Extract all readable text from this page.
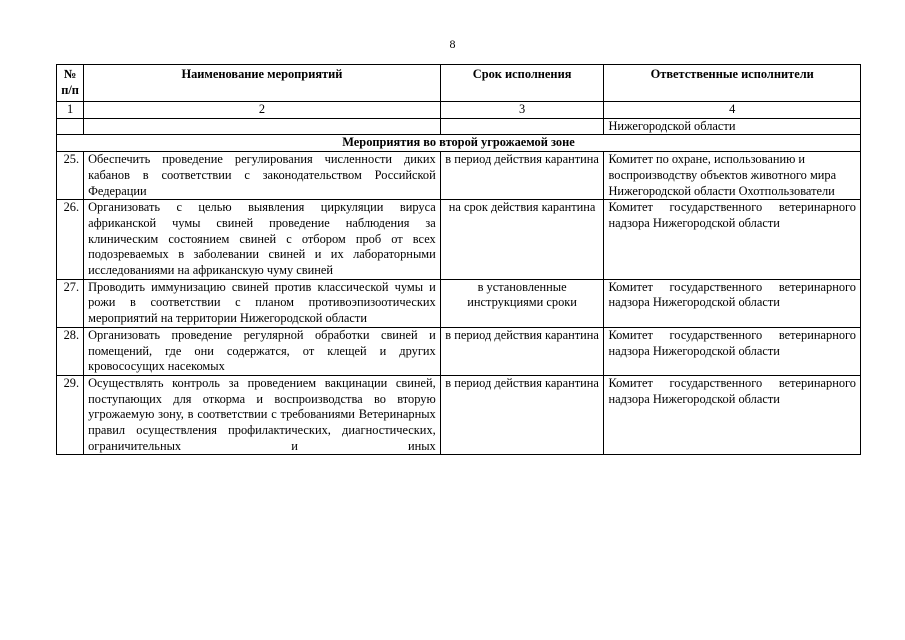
8
№ п/п	Наименование мероприятий	Срок исполнения	Ответственные исполнители
1	2	3	4
			Нижегородской области
Мероприятия во второй угрожаемой зоне			
25.	Обеспечить проведение регулирования численности диких кабанов в соответствии с законодательством Российской Федерации	в период действия карантина	Комитет по охране, использованию и воспроизводству объектов животного мира Нижегородской области Охотпользователи
26.	Организовать с целью выявления циркуляции вируса африканской чумы свиней проведение наблюдения за клиническим состоянием свиней с отбором проб от всех подозреваемых в заболевании свиней и их лабораторными исследованиями на африканскую чуму свиней	на срок действия карантина	Комитет государственного ветеринарного надзора Нижегородской области
27.	Проводить иммунизацию свиней против классической чумы и рожи в соответствии с планом противоэпизоотических мероприятий на территории Нижегородской области	в установленные инструкциями сроки	Комитет государственного ветеринарного надзора Нижегородской области
28.	Организовать проведение регулярной обработки свиней и помещений, где они содержатся, от клещей и других кровососущих насекомых	в период действия карантина	Комитет государственного ветеринарного надзора Нижегородской области
29.	Осуществлять контроль за проведением вакцинации свиней, поступающих для откорма и воспроизводства во вторую угрожаемую зону, в соответствии с требованиями Ветеринарных правил осуществления профилактических, диагностических, ограничительных и иных	в период действия карантина	Комитет государственного ветеринарного надзора Нижегородской области
